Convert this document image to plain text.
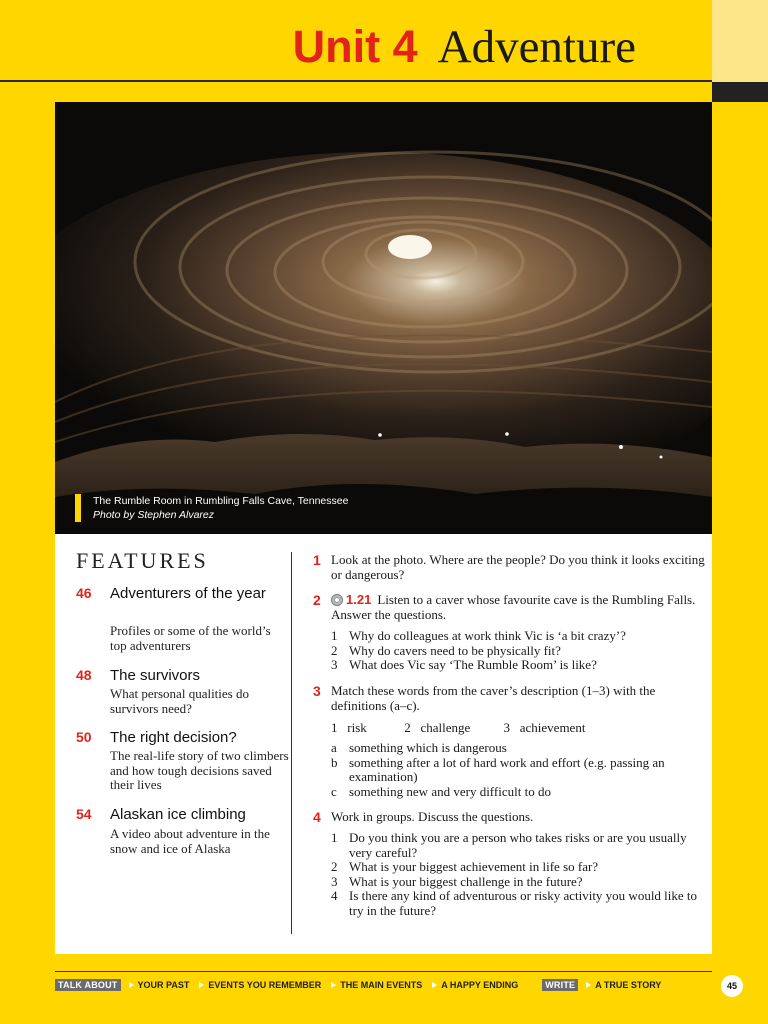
Unit 4 Adventure
The Rumble Room in Rumbling Falls Cave, Tennessee
Photo by Stephen Alvarez
FEATURES
46 Adventurers of the year
Profiles or some of the world’s top adventurers
48 The survivors
What personal qualities do survivors need?
50 The right decision?
The real-life story of two climbers and how tough decisions saved their lives
54 Alaskan ice climbing
A video about adventure in the snow and ice of Alaska
1 Look at the photo. Where are the people? Do you think it looks exciting or dangerous?
2	1.21 Listen to a caver whose favourite cave is the Rumbling Falls. Answer the questions.
1 Why do colleagues at work think Vic is ‘a bit crazy’?
2 Why do cavers need to be physically fit?
3 What does Vic say ‘The Rumble Room’ is like?
3 Match these words from the caver’s description (1–3) with the definitions (a–c).
1 risk	2 challenge	3 achievement
a something which is dangerous
b something after a lot of hard work and effort (e.g. passing an examination)
c something new and very difficult to do
4 Work in groups. Discuss the questions.
1 Do you think you are a person who takes risks or are you usually very careful?
2 What is your biggest achievement in life so far?
3 What is your biggest challenge in the future?
4 Is there any kind of adventurous or risky activity you would like to try in the future?
TALK ABOUT	YOUR PAST EVENTS YOU REMEMBER THE MAIN EVENTS A HAPPY ENDING	WRITE	A TRUE STORY	45
